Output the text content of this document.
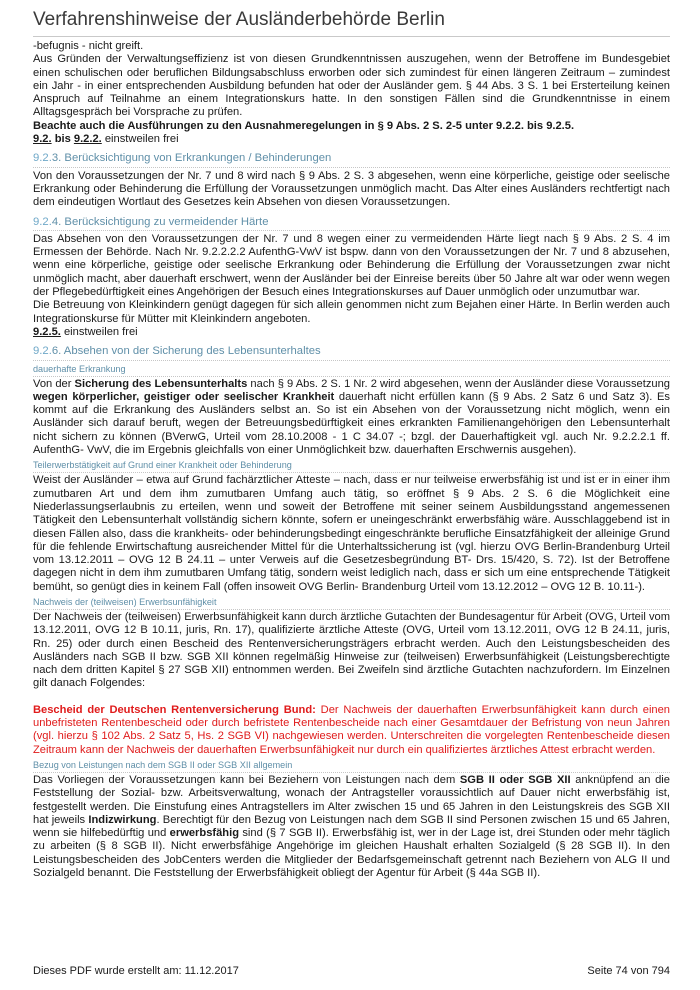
Verfahrenshinweise der Ausländerbehörde Berlin

-befugnis - nicht greift.

Aus Gründen der Verwaltungseffizienz ist von diesen Grundkenntnissen auszugehen, wenn der Betroffene im Bundesgebiet einen schulischen oder beruflichen Bildungsabschluss erworben oder sich zumindest für einen längeren Zeitraum – zumindest ein Jahr - in einer entsprechenden Ausbildung befunden hat oder der Ausländer gem. § 44 Abs. 3 S. 1 bei Ersterteilung keinen Anspruch auf Teilnahme an einem Integrationskurs hatte. In den sonstigen Fällen sind die Grundkenntnisse in einem Alltagsgespräch bei Vorsprache zu prüfen.

Beachte auch die Ausführungen zu den Ausnahmeregelungen in § 9 Abs. 2 S. 2-5 unter 9.2.2. bis 9.2.5.

9.2. bis 9.2.2. einstweilen frei

9.2.3. Berücksichtigung von Erkrankungen / Behinderungen

Von den Voraussetzungen der Nr. 7 und 8 wird nach § 9 Abs. 2 S. 3 abgesehen, wenn eine körperliche, geistige oder seelische Erkrankung oder Behinderung die Erfüllung der Voraussetzungen unmöglich macht. Das Alter eines Ausländers rechtfertigt nach dem eindeutigen Wortlaut des Gesetzes kein Absehen von diesen Voraussetzungen.

9.2.4. Berücksichtigung zu vermeidender Härte

Das Absehen von den Voraussetzungen der Nr. 7 und 8 wegen einer zu vermeidenden Härte liegt nach § 9 Abs. 2 S. 4 im Ermessen der Behörde. Nach Nr. 9.2.2.2.2 AufenthG-VwV ist bspw. dann von den Voraussetzungen der Nr. 7 und 8 abzusehen, wenn eine körperliche, geistige oder seelische Erkrankung oder Behinderung die Erfüllung der Voraussetzungen zwar nicht unmöglich macht, aber dauerhaft erschwert, wenn der Ausländer bei der Einreise bereits über 50 Jahre alt war oder wenn wegen der Pflegebedürftigkeit eines Angehörigen der Besuch eines Integrationskurses auf Dauer unmöglich oder unzumutbar war.

Die Betreuung von Kleinkindern genügt dagegen für sich allein genommen nicht zum Bejahen einer Härte. In Berlin werden auch Integrationskurse für Mütter mit Kleinkindern angeboten.

9.2.5. einstweilen frei

9.2.6. Absehen von der Sicherung des Lebensunterhaltes
dauerhafte Erkrankung

Von der Sicherung des Lebensunterhalts nach § 9 Abs. 2 S. 1 Nr. 2 wird abgesehen, wenn der Ausländer diese Voraussetzung wegen körperlicher, geistiger oder seelischer Krankheit dauerhaft nicht erfüllen kann (§ 9 Abs. 2 Satz 6 und Satz 3). Es kommt auf die Erkrankung des Ausländers selbst an. So ist ein Absehen von der Voraussetzung nicht möglich, wenn ein Ausländer sich darauf beruft, wegen der Betreuungsbedürftigkeit eines erkrankten Familienangehörigen den Lebensunterhalt nicht sichern zu können (BVerwG, Urteil vom 28.10.2008 - 1 C 34.07 -; bzgl. der Dauerhaftigkeit vgl. auch Nr. 9.2.2.2.1 ff. AufenthG- VwV, die im Ergebnis gleichfalls von einer Unmöglichkeit bzw. dauerhaften Erschwernis ausgehen).

Teilerwerbstätigkeit auf Grund einer Krankheit oder Behinderung

Weist der Ausländer – etwa auf Grund fachärztlicher Atteste – nach, dass er nur teilweise erwerbsfähig ist und ist er in einer ihm zumutbaren Art und dem ihm zumutbaren Umfang auch tätig, so eröffnet § 9 Abs. 2 S. 6 die Möglichkeit eine Niederlassungserlaubnis zu erteilen, wenn und soweit der Betroffene mit seiner seinem Ausbildungsstand angemessenen Tätigkeit den Lebensunterhalt vollständig sichern könnte, sofern er uneingeschränkt erwerbsfähig wäre. Ausschlaggebend ist in diesen Fällen also, dass die krankheits- oder behinderungsbedingt eingeschränkte berufliche Einsatzfähigkeit der alleinige Grund für die fehlende Erwirtschaftung ausreichender Mittel für die Unterhaltssicherung ist (vgl. hierzu OVG Berlin-Brandenburg Urteil vom 13.12.2011 – OVG 12 B 24.11 – unter Verweis auf die Gesetzesbegründung BT- Drs. 15/420, S. 72). Ist der Betroffene dagegen nicht in dem ihm zumutbaren Umfang tätig, sondern weist lediglich nach, dass er sich um eine entsprechende Tätigkeit bemüht, so genügt dies in keinem Fall (offen insoweit OVG Berlin- Brandenburg Urteil vom 13.12.2012 – OVG 12 B. 10.11-).

Nachweis der (teilweisen) Erwerbsunfähigkeit

Der Nachweis der (teilweisen) Erwerbsunfähigkeit kann durch ärztliche Gutachten der Bundesagentur für Arbeit (OVG, Urteil vom 13.12.2011, OVG 12 B 10.11, juris, Rn. 17), qualifizierte ärztliche Atteste (OVG, Urteil vom 13.12.2011, OVG 12 B 24.11, juris, Rn. 25) oder durch einen Bescheid des Rentenversicherungsträgers erbracht werden. Auch den Leistungsbescheiden des Ausländers nach SGB II bzw. SGB XII können regelmäßig Hinweise zur (teilweisen) Erwerbsunfähigkeit (Leistungsberechtigte nach dem dritten Kapitel § 27 SGB XII) entnommen werden. Bei Zweifeln sind ärztliche Gutachten nachzufordern. Im Einzelnen gilt danach Folgendes:

Bescheid der Deutschen Rentenversicherung Bund: Der Nachweis der dauerhaften Erwerbsunfähigkeit kann durch einen unbefristeten Rentenbescheid oder durch befristete Rentenbescheide nach einer Gesamtdauer der Befristung von neun Jahren (vgl. hierzu § 102 Abs. 2 Satz 5, Hs. 2 SGB VI) nachgewiesen werden. Unterschreiten die vorgelegten Rentenbescheide diesen Zeitraum kann der Nachweis der dauerhaften Erwerbsunfähigkeit nur durch ein qualifiziertes ärztliches Attest erbracht werden.

Bezug von Leistungen nach dem SGB II oder SGB XII allgemein

Das Vorliegen der Voraussetzungen kann bei Beziehern von Leistungen nach dem SGB II oder SGB XII anknüpfend an die Feststellung der Sozial- bzw. Arbeitsverwaltung, wonach der Antragsteller voraussichtlich auf Dauer nicht erwerbsfähig ist, festgestellt werden. Die Einstufung eines Antragstellers im Alter zwischen 15 und 65 Jahren in den Leistungskreis des SGB XII hat jeweils Indizwirkung. Berechtigt für den Bezug von Leistungen nach dem SGB II sind Personen zwischen 15 und 65 Jahren, wenn sie hilfebedürftig und erwerbsfähig sind (§ 7 SGB II). Erwerbsfähig ist, wer in der Lage ist, drei Stunden oder mehr täglich zu arbeiten (§ 8 SGB II). Nicht erwerbsfähige Angehörige im gleichen Haushalt erhalten Sozialgeld (§ 28 SGB II). In den Leistungsbescheiden des JobCenters werden die Mitglieder der Bedarfsgemeinschaft getrennt nach Beziehern von ALG II und Sozialgeld benannt. Die Feststellung der Erwerbsfähigkeit obliegt der Agentur für Arbeit (§ 44a SGB II).

Dieses PDF wurde erstellt am: 11.12.2017	Seite 74 von 794
